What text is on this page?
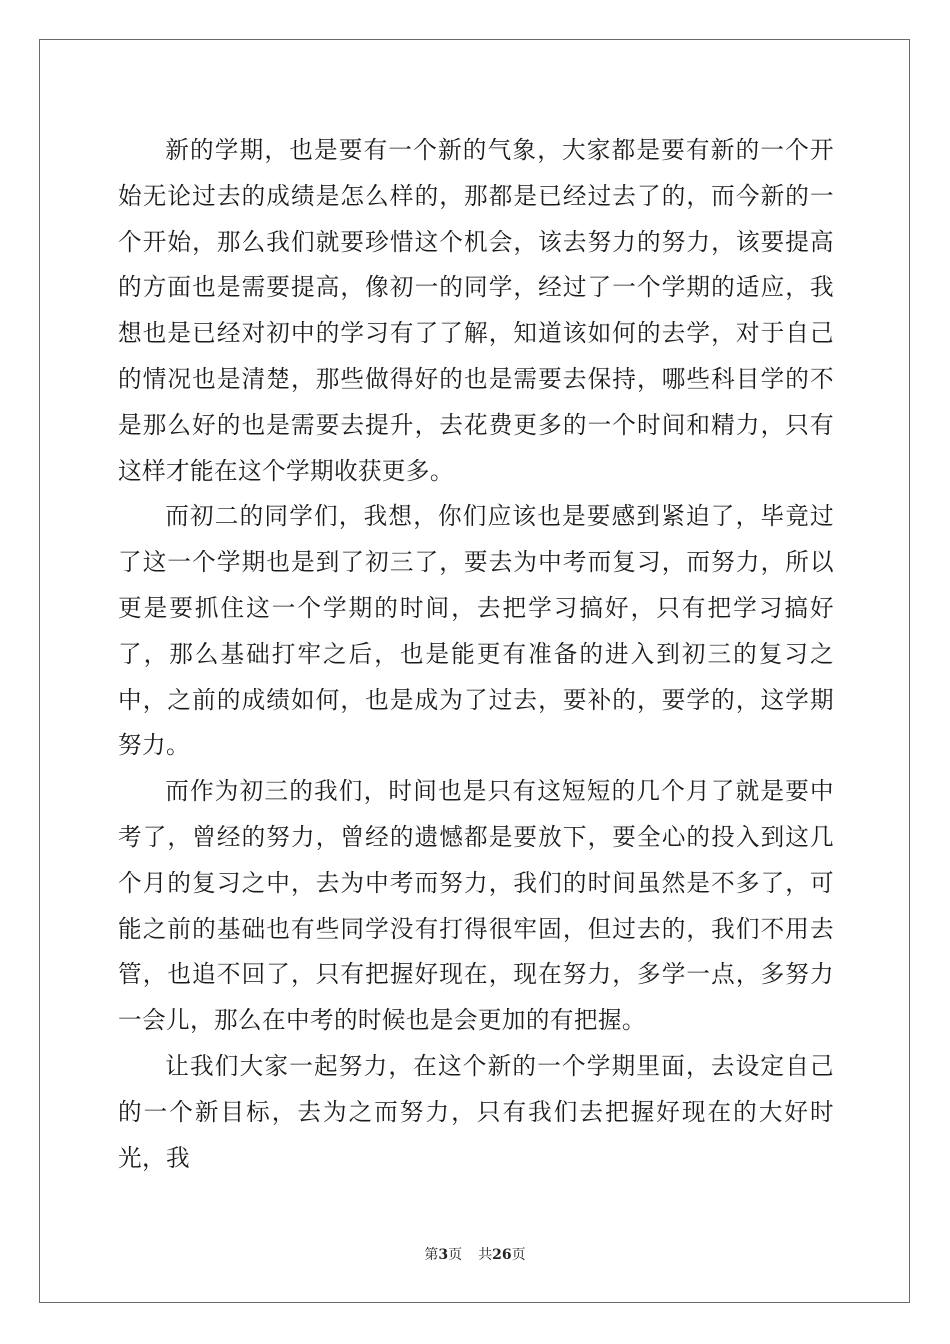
新的学期，也是要有一个新的气象，大家都是要有新的一个开始无论过去的成绩是怎么样的，那都是已经过去了的，而今新的一个开始，那么我们就要珍惜这个机会，该去努力的努力，该要提高的方面也是需要提高，像初一的同学，经过了一个学期的适应，我想也是已经对初中的学习有了了解，知道该如何的去学，对于自己的情况也是清楚，那些做得好的也是需要去保持，哪些科目学的不是那么好的也是需要去提升，去花费更多的一个时间和精力，只有这样才能在这个学期收获更多。

而初二的同学们，我想，你们应该也是要感到紧迫了，毕竟过了这一个学期也是到了初三了，要去为中考而复习，而努力，所以更是要抓住这一个学期的时间，去把学习搞好，只有把学习搞好了，那么基础打牢之后，也是能更有准备的进入到初三的复习之中，之前的成绩如何，也是成为了过去，要补的，要学的，这学期努力。

而作为初三的我们，时间也是只有这短短的几个月了就是要中考了，曾经的努力，曾经的遗憾都是要放下，要全心的投入到这几个月的复习之中，去为中考而努力，我们的时间虽然是不多了，可能之前的基础也有些同学没有打得很牢固，但过去的，我们不用去管，也追不回了，只有把握好现在，现在努力，多学一点，多努力一会儿，那么在中考的时候也是会更加的有把握。

让我们大家一起努力，在这个新的一个学期里面，去设定自己的一个新目标，去为之而努力，只有我们去把握好现在的大好时光，我

第3页 共26页
